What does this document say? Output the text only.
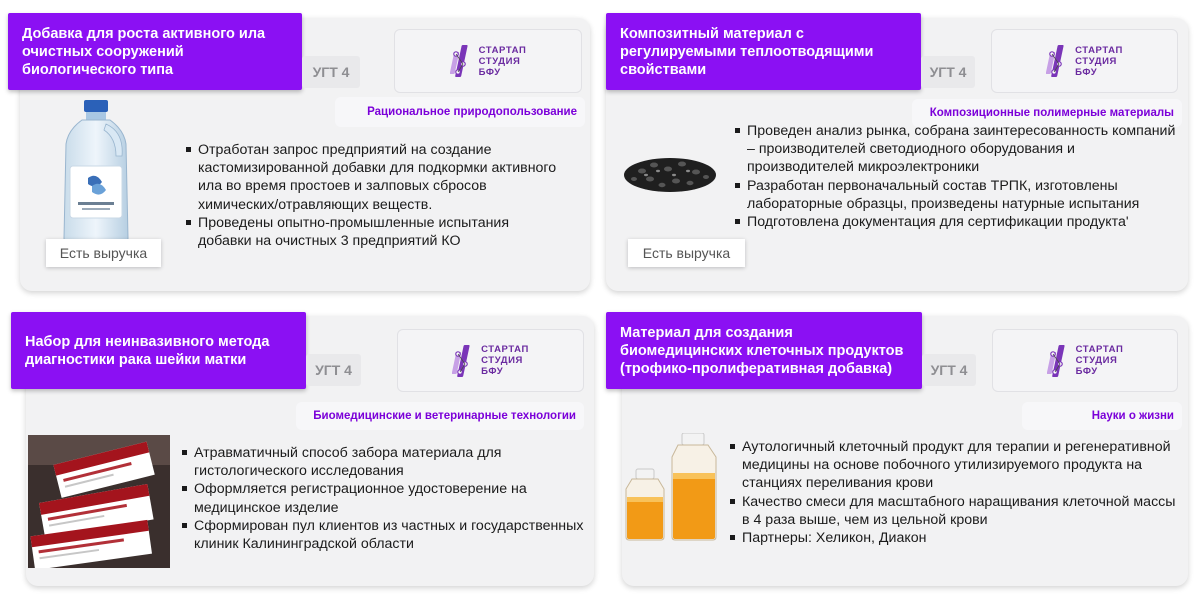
Добавка для роста активного ила очистных сооружений биологического типа	УГТ 4
СТАРТАП
СТУДИЯ
БФУ
Рациональное природопользование
Есть выручка
Отработан запрос предприятий на создание кастомизированной добавки для подкормки активного ила во время простоев и залповых сбросов химических/отравляющих веществ.
Проведены опытно-промышленные испытания добавки на очистных 3 предприятий КО
Композитный материал с регулируемыми теплоотводящими свойствами	УГТ 4
СТАРТАП
СТУДИЯ
БФУ
Композиционные полимерные материалы
Есть выручка
Проведен анализ рынка, собрана заинтересованность компаний – производителей светодиодного оборудования и производителей микроэлектроники
Разработан первоначальный состав ТРПК, изготовлены лабораторные образцы, произведены натурные испытания
Подготовлена документация для сертификации продукта'
Набор для неинвазивного метода диагностики рака шейки матки
УГТ 4
СТАРТАП
СТУДИЯ
БФУ
Биомедицинские и ветеринарные технологии
Атравматичный способ забора материала для гистологического исследования
Оформляется регистрационное удостоверение на медицинское изделие
Сформирован пул клиентов из частных и государственных клиник Калининградской области
Материал для создания биомедицинских клеточных продуктов (трофико-пролиферативная добавка)	УГТ 4
СТАРТАП
СТУДИЯ
БФУ
Науки о жизни
Аутологичный клеточный продукт для терапии и регенеративной медицины на основе побочного утилизируемого продукта на станциях переливания крови
Качество смеси для масштабного наращивания клеточной массы в 4 раза выше, чем из цельной крови
Партнеры: Хеликон, Диакон
